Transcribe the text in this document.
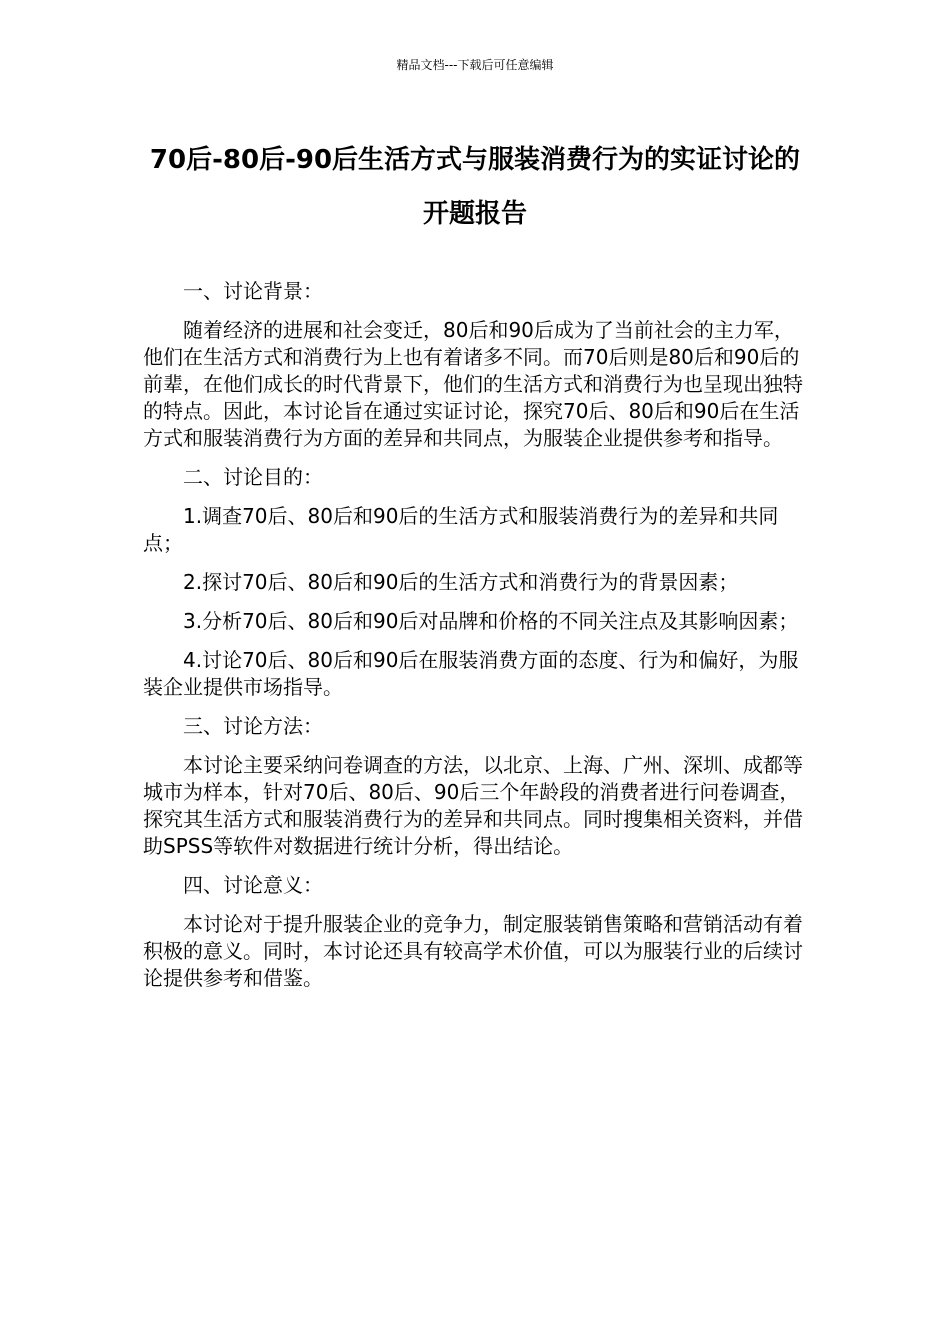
精品文档---下载后可任意编辑
70后-80后-90后生活方式与服装消费行为的实证讨论的开题报告

一、讨论背景：

随着经济的进展和社会变迁，80后和90后成为了当前社会的主力军，他们在生活方式和消费行为上也有着诸多不同。而70后则是80后和90后的前辈，在他们成长的时代背景下，他们的生活方式和消费行为也呈现出独特的特点。因此，本讨论旨在通过实证讨论，探究70后、80后和90后在生活方式和服装消费行为方面的差异和共同点，为服装企业提供参考和指导。

二、讨论目的：

1.调查70后、80后和90后的生活方式和服装消费行为的差异和共同点；

2.探讨70后、80后和90后的生活方式和消费行为的背景因素；

3.分析70后、80后和90后对品牌和价格的不同关注点及其影响因素；

4.讨论70后、80后和90后在服装消费方面的态度、行为和偏好，为服装企业提供市场指导。

三、讨论方法：

本讨论主要采纳问卷调查的方法，以北京、上海、广州、深圳、成都等城市为样本，针对70后、80后、90后三个年龄段的消费者进行问卷调查，探究其生活方式和服装消费行为的差异和共同点。同时搜集相关资料，并借助SPSS等软件对数据进行统计分析，得出结论。

四、讨论意义：

本讨论对于提升服装企业的竞争力，制定服装销售策略和营销活动有着积极的意义。同时，本讨论还具有较高学术价值，可以为服装行业的后续讨论提供参考和借鉴。
